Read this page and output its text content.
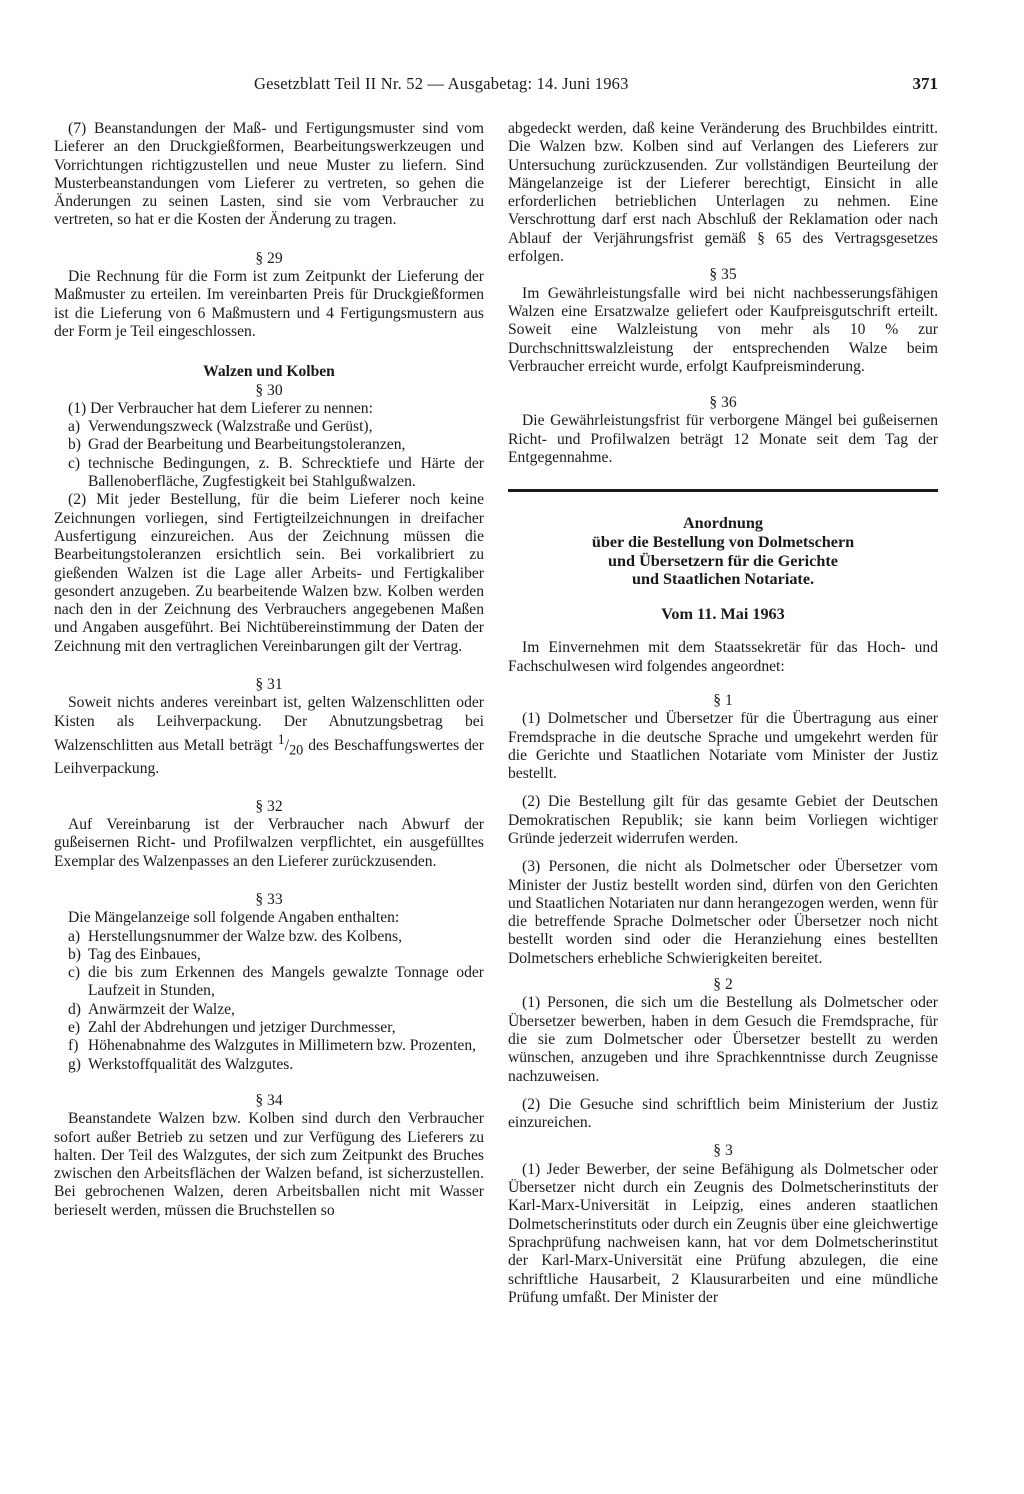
Gesetzblatt Teil II Nr. 52 — Ausgabetag: 14. Juni 1963	371

(7) Beanstandungen der Maß- und Fertigungsmuster sind vom Lieferer an den Druckgießformen, Bearbeitungswerkzeugen und Vorrichtungen richtigzustellen und neue Muster zu liefern. Sind Musterbeanstandungen vom Lieferer zu vertreten, so gehen die Änderungen zu seinen Lasten, sind sie vom Verbraucher zu vertreten, so hat er die Kosten der Änderung zu tragen.

§ 29

Die Rechnung für die Form ist zum Zeitpunkt der Lieferung der Maßmuster zu erteilen. Im vereinbarten Preis für Druckgießformen ist die Lieferung von 6 Maßmustern und 4 Fertigungsmustern aus der Form je Teil eingeschlossen.

Walzen und Kolben

§ 30

(1) Der Verbraucher hat dem Lieferer zu nennen:

a) Verwendungszweck (Walzstraße und Gerüst),

b) Grad der Bearbeitung und Bearbeitungstoleranzen,

c) technische Bedingungen, z. B. Schrecktiefe und Härte der Ballenoberfläche, Zugfestigkeit bei Stahlgußwalzen.

(2) Mit jeder Bestellung, für die beim Lieferer noch keine Zeichnungen vorliegen, sind Fertigteilzeichnungen in dreifacher Ausfertigung einzureichen. Aus der Zeichnung müssen die Bearbeitungstoleranzen ersichtlich sein. Bei vorkalibriert zu gießenden Walzen ist die Lage aller Arbeits- und Fertigkaliber gesondert anzugeben. Zu bearbeitende Walzen bzw. Kolben werden nach den in der Zeichnung des Verbrauchers angegebenen Maßen und Angaben ausgeführt. Bei Nichtübereinstimmung der Daten der Zeichnung mit den vertraglichen Vereinbarungen gilt der Vertrag.

§ 31

Soweit nichts anderes vereinbart ist, gelten Walzenschlitten oder Kisten als Leihverpackung. Der Abnutzungsbetrag bei Walzenschlitten aus Metall beträgt $^1/_{20}$ des Beschaffungswertes der Leihverpackung.

§ 32

Auf Vereinbarung ist der Verbraucher nach Abwurf der gußeisernen Richt- und Profilwalzen verpflichtet, ein ausgefülltes Exemplar des Walzenpasses an den Lieferer zurückzusenden.

§ 33

Die Mängelanzeige soll folgende Angaben enthalten:

a) Herstellungsnummer der Walze bzw. des Kolbens,

b) Tag des Einbaues,

c) die bis zum Erkennen des Mangels gewalzte Tonnage oder Laufzeit in Stunden,

d) Anwärmzeit der Walze,

e) Zahl der Abdrehungen und jetziger Durchmesser,

f) Höhenabnahme des Walzgutes in Millimetern bzw. Prozenten,

g) Werkstoffqualität des Walzgutes.

§ 34

Beanstandete Walzen bzw. Kolben sind durch den Verbraucher sofort außer Betrieb zu setzen und zur Verfügung des Lieferers zu halten. Der Teil des Walzgutes, der sich zum Zeitpunkt des Bruches zwischen den Arbeitsflächen der Walzen befand, ist sicherzustellen. Bei gebrochenen Walzen, deren Arbeitsballen nicht mit Wasser berieselt werden, müssen die Bruchstellen so

abgedeckt werden, daß keine Veränderung des Bruchbildes eintritt. Die Walzen bzw. Kolben sind auf Verlangen des Lieferers zur Untersuchung zurückzusenden. Zur vollständigen Beurteilung der Mängelanzeige ist der Lieferer berechtigt, Einsicht in alle erforderlichen betrieblichen Unterlagen zu nehmen. Eine Verschrottung darf erst nach Abschluß der Reklamation oder nach Ablauf der Verjährungsfrist gemäß § 65 des Vertragsgesetzes erfolgen.

§ 35

Im Gewährleistungsfalle wird bei nicht nachbesserungsfähigen Walzen eine Ersatzwalze geliefert oder Kaufpreisgutschrift erteilt. Soweit eine Walzleistung von mehr als 10 % zur Durchschnittswalzleistung der entsprechenden Walze beim Verbraucher erreicht wurde, erfolgt Kaufpreisminderung.

§ 36

Die Gewährleistungsfrist für verborgene Mängel bei gußeisernen Richt- und Profilwalzen beträgt 12 Monate seit dem Tag der Entgegennahme.

Anordnung

über die Bestellung von Dolmetschern

und Übersetzern für die Gerichte

und Staatlichen Notariate.

Vom 11. Mai 1963

Im Einvernehmen mit dem Staatssekretär für das Hoch- und Fachschulwesen wird folgendes angeordnet:

§ 1

(1) Dolmetscher und Übersetzer für die Übertragung aus einer Fremdsprache in die deutsche Sprache und umgekehrt werden für die Gerichte und Staatlichen Notariate vom Minister der Justiz bestellt.

(2) Die Bestellung gilt für das gesamte Gebiet der Deutschen Demokratischen Republik; sie kann beim Vorliegen wichtiger Gründe jederzeit widerrufen werden.

(3) Personen, die nicht als Dolmetscher oder Übersetzer vom Minister der Justiz bestellt worden sind, dürfen von den Gerichten und Staatlichen Notariaten nur dann herangezogen werden, wenn für die betreffende Sprache Dolmetscher oder Übersetzer noch nicht bestellt worden sind oder die Heranziehung eines bestellten Dolmetschers erhebliche Schwierigkeiten bereitet.

§ 2

(1) Personen, die sich um die Bestellung als Dolmetscher oder Übersetzer bewerben, haben in dem Gesuch die Fremdsprache, für die sie zum Dolmetscher oder Übersetzer bestellt zu werden wünschen, anzugeben und ihre Sprachkenntnisse durch Zeugnisse nachzuweisen.

(2) Die Gesuche sind schriftlich beim Ministerium der Justiz einzureichen.

§ 3

(1) Jeder Bewerber, der seine Befähigung als Dolmetscher oder Übersetzer nicht durch ein Zeugnis des Dolmetscherinstituts der Karl-Marx-Universität in Leipzig, eines anderen staatlichen Dolmetscherinstituts oder durch ein Zeugnis über eine gleichwertige Sprachprüfung nachweisen kann, hat vor dem Dolmetscherinstitut der Karl-Marx-Universität eine Prüfung abzulegen, die eine schriftliche Hausarbeit, 2 Klausurarbeiten und eine mündliche Prüfung umfaßt. Der Minister der
